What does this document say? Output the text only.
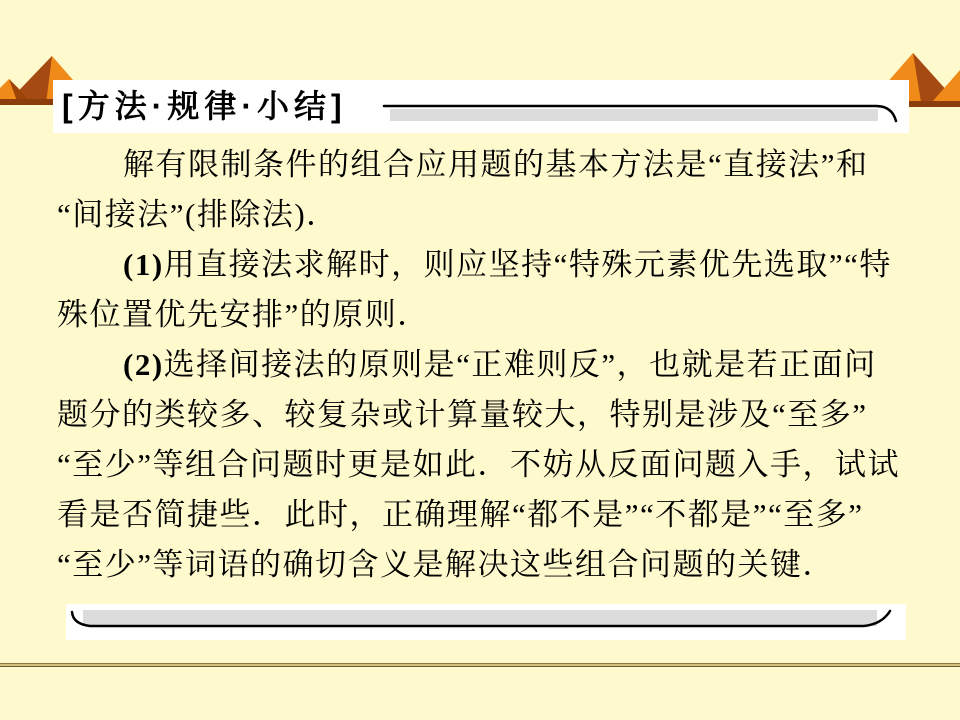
[方法·规律·小结]
解有限制条件的组合应用题的基本方法是“直接法”和
“间接法”(排除法)．
(1)用直接法求解时，则应坚持“特殊元素优先选取”“特
殊位置优先安排”的原则．
(2)选择间接法的原则是“正难则反”，也就是若正面问
题分的类较多、较复杂或计算量较大，特别是涉及“至多”
“至少”等组合问题时更是如此．不妨从反面问题入手，试试
看是否简捷些．此时，正确理解“都不是”“不都是”“至多”
“至少”等词语的确切含义是解决这些组合问题的关键．
